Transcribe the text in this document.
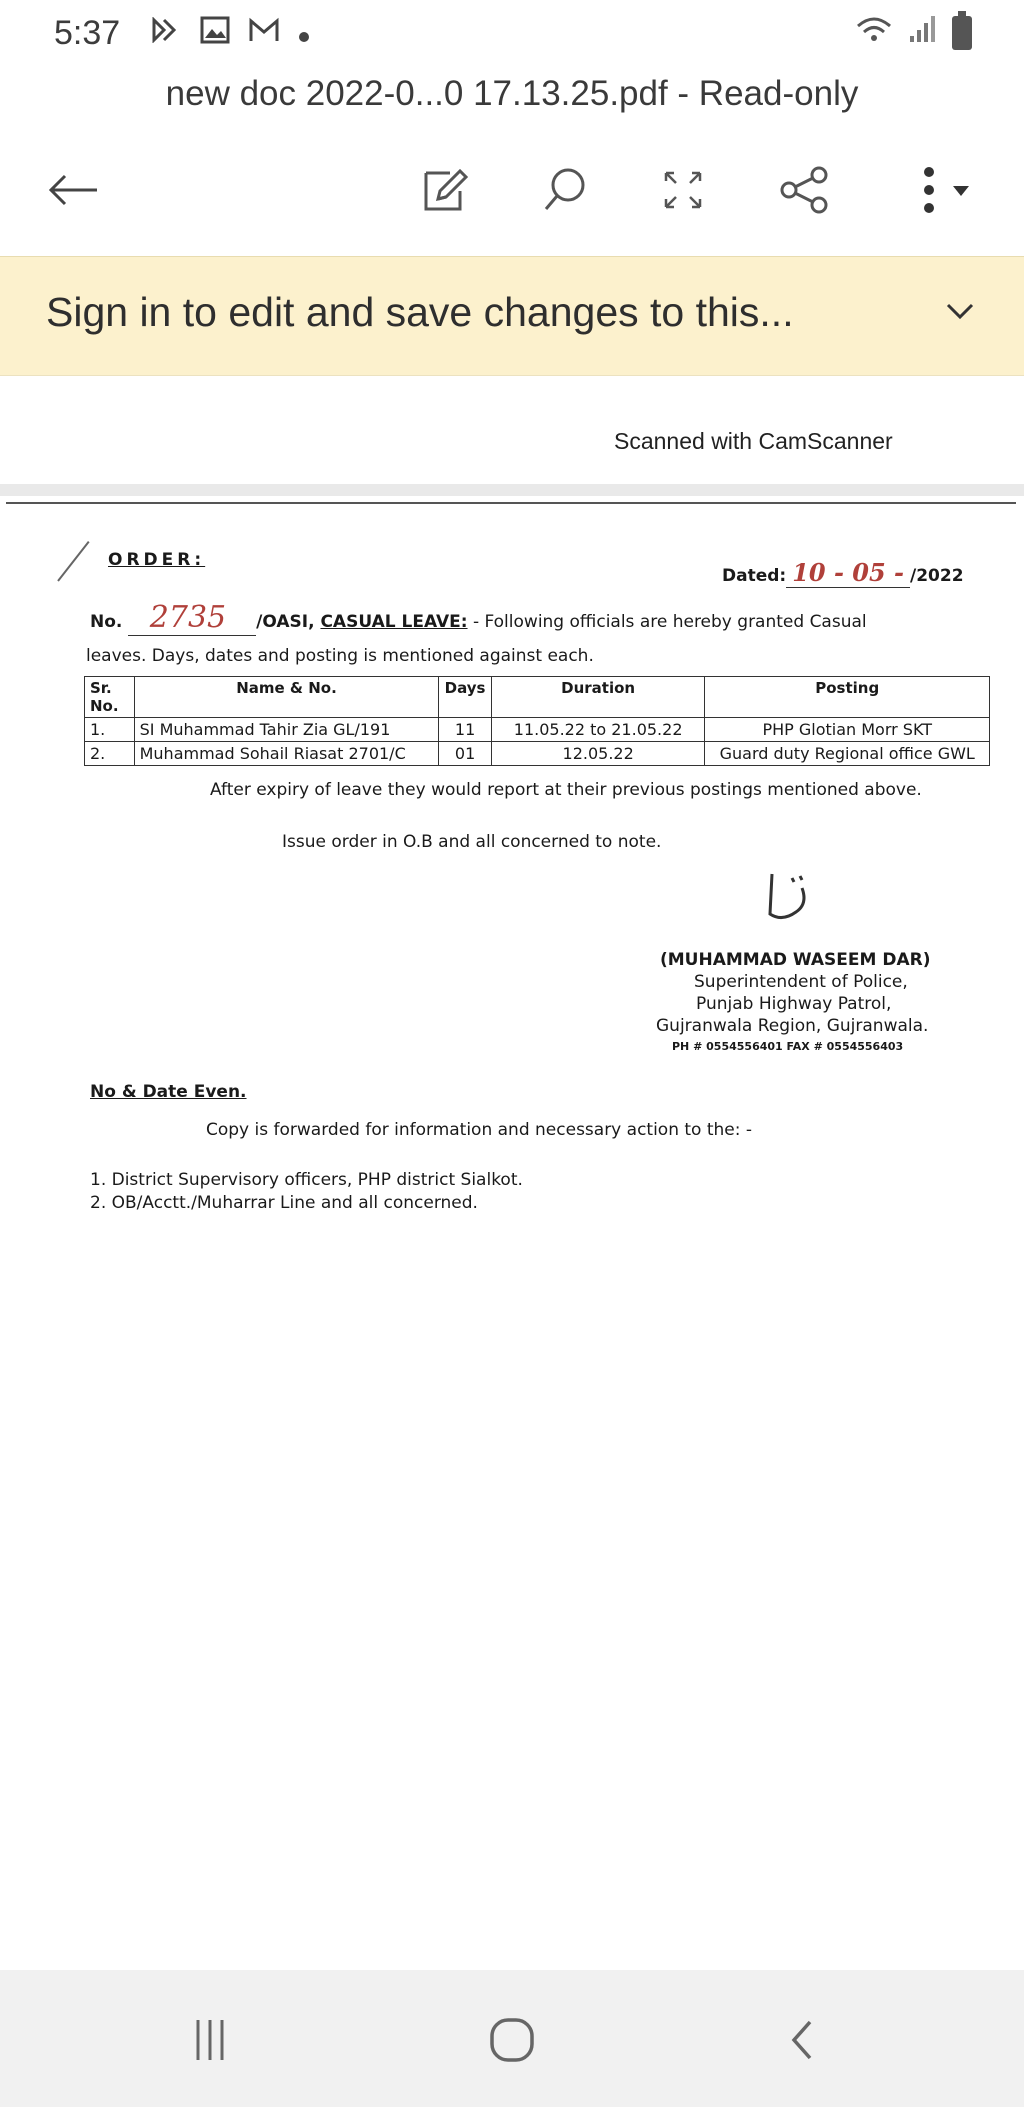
5:37
new doc 2022-0...0 17.13.25.pdf - Read-only
Sign in to edit and save changes to this...
Scanned with CamScanner
ORDER:
Dated: 10 - 05 - /2022
No. 2735 /OASI, CASUAL LEAVE: - Following officials are hereby granted Casual
leaves. Days, dates and posting is mentioned against each.
Sr. No.	Name & No.	Days	Duration	Posting
1.	SI Muhammad Tahir Zia GL/191	11	11.05.22 to 21.05.22	PHP Glotian Morr SKT
2.	Muhammad Sohail Riasat 2701/C	01	12.05.22	Guard duty Regional office GWL
After expiry of leave they would report at their previous postings mentioned above.
Issue order in O.B and all concerned to note.
(MUHAMMAD WASEEM DAR)
Superintendent of Police,
Punjab Highway Patrol,
Gujranwala Region, Gujranwala.
PH # 0554556401 FAX # 0554556403
No & Date Even.
Copy is forwarded for information and necessary action to the: -
1. District Supervisory officers, PHP district Sialkot.
2. OB/Acctt./Muharrar Line and all concerned.
